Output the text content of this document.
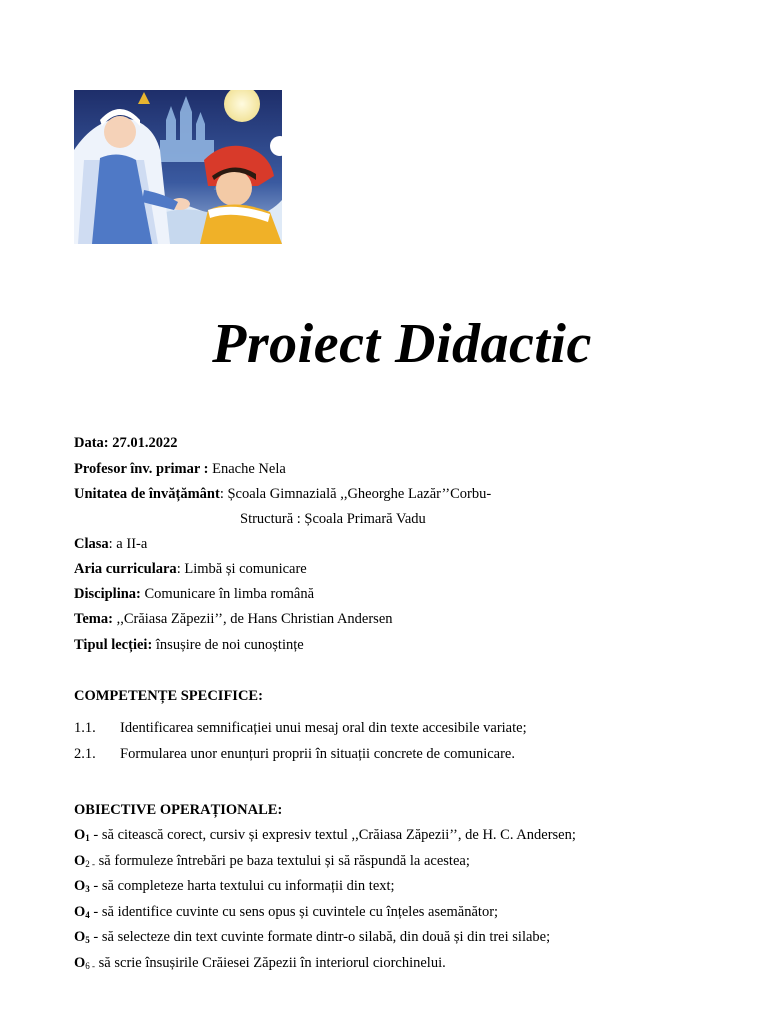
Proiect Didactic
Data: 27.01.2022
Profesor înv. primar : Enache Nela
Unitatea de învățământ: Școala Gimnazială ,,Gheorghe Lazăr’’Corbu-
Structură : Școala Primară Vadu
Clasa: a II-a
Aria curriculara: Limbă și comunicare
Disciplina: Comunicare în limba română
Tema: ,,Crăiasa Zăpezii’’, de Hans Christian Andersen
Tipul lecției: însușire de noi cunoștințe
COMPETENȚE SPECIFICE:
1.1. Identificarea semnificației unui mesaj oral din texte accesibile variate;
2.1. Formularea unor enunțuri proprii în situații concrete de comunicare.
OBIECTIVE OPERAȚIONALE:
$O_1$ - să citească corect, cursiv și expresiv textul ,,Crăiasa Zăpezii’’, de H. C. Andersen;
$O_{2 -}$ să formuleze întrebări pe baza textului și să răspundă la acestea;
$O_3$ - să completeze harta textului cu informații din text;
$O_4$ - să identifice cuvinte cu sens opus și cuvintele cu înțeles asemănător;
$O_5$ - să selecteze din text cuvinte formate dintr-o silabă, din două și din trei silabe;
$O_{6 -}$ să scrie însușirile Crăiesei Zăpezii în interiorul ciorchinelui.
